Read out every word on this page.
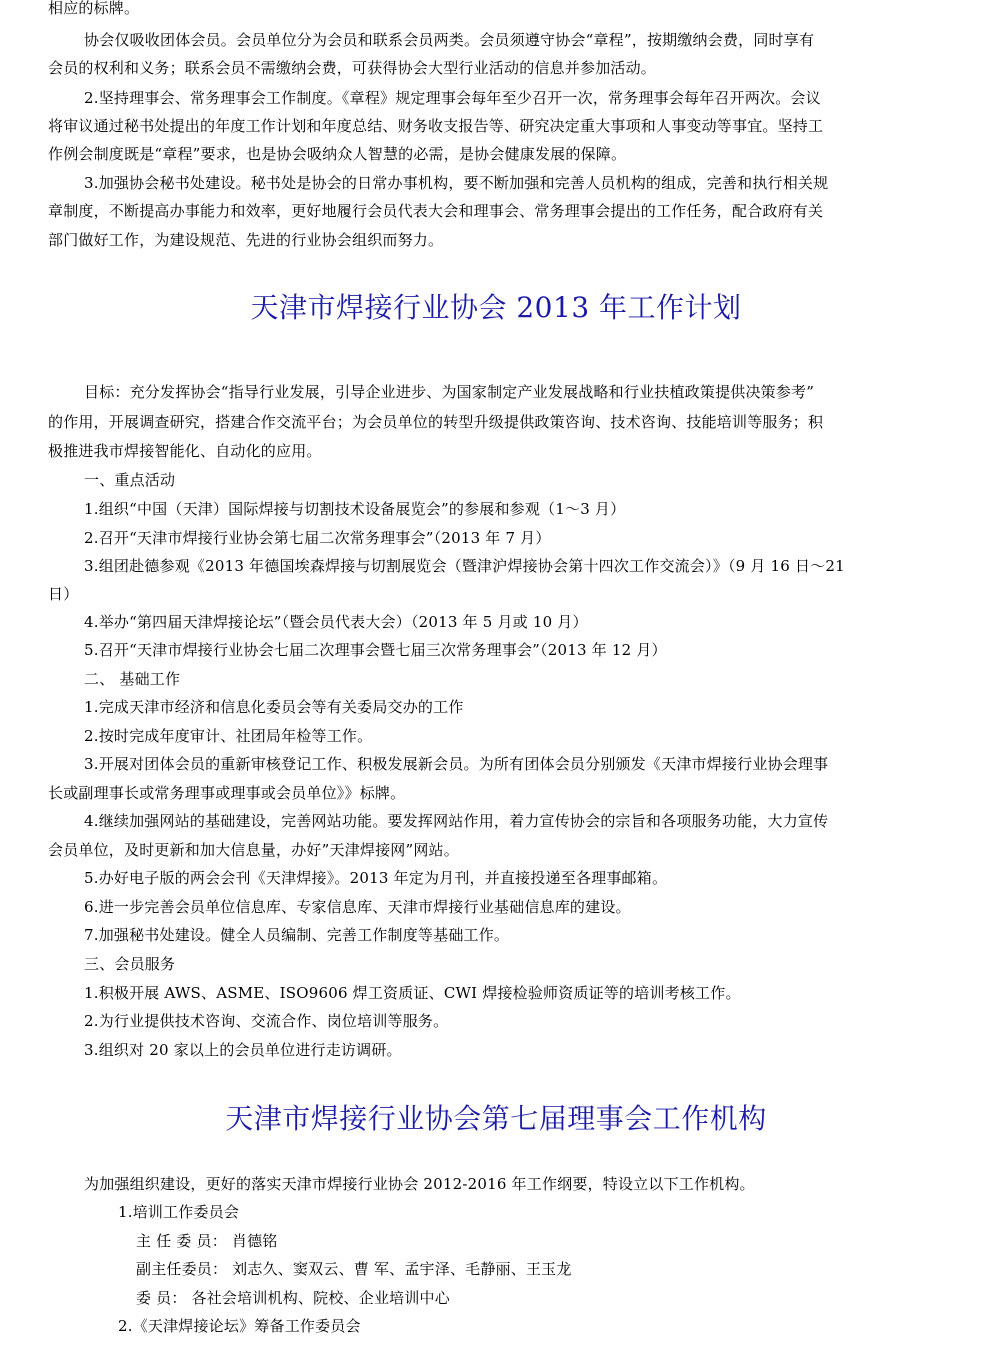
相应的标牌。
协会仅吸收团体会员。会员单位分为会员和联系会员两类。会员须遵守协会“章程”，按期缴纳会费，同时享有
会员的权利和义务；联系会员不需缴纳会费，可获得协会大型行业活动的信息并参加活动。
2.坚持理事会、常务理事会工作制度。《章程》规定理事会每年至少召开一次，常务理事会每年召开两次。会议
将审议通过秘书处提出的年度工作计划和年度总结、财务收支报告等、研究决定重大事项和人事变动等事宜。坚持工
作例会制度既是“章程”要求，也是协会吸纳众人智慧的必需，是协会健康发展的保障。
3.加强协会秘书处建设。秘书处是协会的日常办事机构，要不断加强和完善人员机构的组成，完善和执行相关规
章制度，不断提高办事能力和效率，更好地履行会员代表大会和理事会、常务理事会提出的工作任务，配合政府有关
部门做好工作，为建设规范、先进的行业协会组织而努力。
天津市焊接行业协会 2013 年工作计划
目标：充分发挥协会“指导行业发展，引导企业进步、为国家制定产业发展战略和行业扶植政策提供决策参考”
的作用，开展调查研究，搭建合作交流平台；为会员单位的转型升级提供政策咨询、技术咨询、技能培训等服务；积
极推进我市焊接智能化、自动化的应用。
一、重点活动
1.组织“中国（天津）国际焊接与切割技术设备展览会”的参展和参观（1～3 月）
2.召开“天津市焊接行业协会第七届二次常务理事会”（2013 年 7 月）
3.组团赴德参观《2013 年德国埃森焊接与切割展览会（暨津沪焊接协会第十四次工作交流会）》（9 月 16 日～21
日）
4.举办“第四届天津焊接论坛”（暨会员代表大会）（2013 年 5 月或 10 月）
5.召开“天津市焊接行业协会七届二次理事会暨七届三次常务理事会”（2013 年 12 月）
二、 基础工作
1.完成天津市经济和信息化委员会等有关委局交办的工作
2.按时完成年度审计、社团局年检等工作。
3.开展对团体会员的重新审核登记工作、积极发展新会员。为所有团体会员分别颁发《天津市焊接行业协会理事
长或副理事长或常务理事或理事或会员单位》》标牌。
4.继续加强网站的基础建设，完善网站功能。要发挥网站作用，着力宣传协会的宗旨和各项服务功能，大力宣传
会员单位，及时更新和加大信息量，办好”天津焊接网”网站。
5.办好电子版的两会会刊《天津焊接》。2013 年定为月刊，并直接投递至各理事邮箱。
6.进一步完善会员单位信息库、专家信息库、天津市焊接行业基础信息库的建设。
7.加强秘书处建设。健全人员编制、完善工作制度等基础工作。
三、会员服务
1.积极开展 AWS、ASME、ISO9606 焊工资质证、CWI 焊接检验师资质证等的培训考核工作。
2.为行业提供技术咨询、交流合作、岗位培训等服务。
3.组织对 20 家以上的会员单位进行走访调研。
天津市焊接行业协会第七届理事会工作机构
为加强组织建设，更好的落实天津市焊接行业协会 2012-2016 年工作纲要，特设立以下工作机构。
1.培训工作委员会
主 任 委 员： 肖德铭
副主任委员： 刘志久、窦双云、曹 军、孟宇泽、毛静丽、王玉龙
委 员： 各社会培训机构、院校、企业培训中心
2.《天津焊接论坛》筹备工作委员会
